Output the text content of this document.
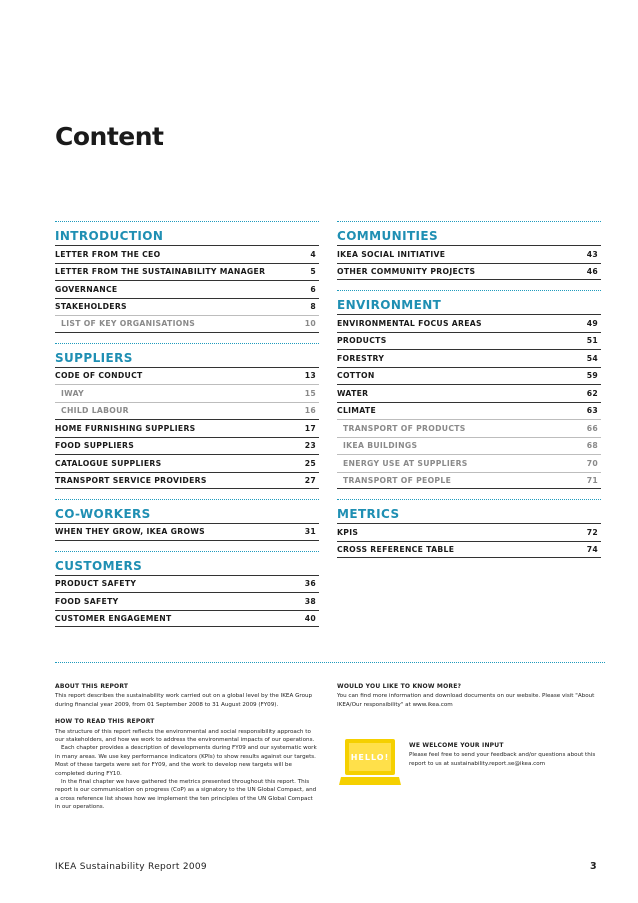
Content
INTRODUCTION
LETTER FROM THE CEO	4
LETTER FROM THE SUSTAINABILITY MANAGER	5
GOVERNANCE	6
STAKEHOLDERS	8
LIST OF KEY ORGANISATIONS	10
SUPPLIERS
CODE OF CONDUCT	13
IWAY	15
CHILD LABOUR	16
HOME FURNISHING SUPPLIERS	17
FOOD SUPPLIERS	23
CATALOGUE SUPPLIERS	25
TRANSPORT SERVICE PROVIDERS	27
CO-WORKERS
WHEN THEY GROW, IKEA GROWS	31
CUSTOMERS
PRODUCT SAFETY	36
FOOD SAFETY	38
CUSTOMER ENGAGEMENT	40
COMMUNITIES
IKEA SOCIAL INITIATIVE	43
OTHER COMMUNITY PROJECTS	46
ENVIRONMENT
ENVIRONMENTAL FOCUS AREAS	49
PRODUCTS	51
FORESTRY	54
COTTON	59
WATER	62
CLIMATE	63
TRANSPORT OF PRODUCTS	66
IKEA BUILDINGS	68
ENERGY USE AT SUPPLIERS	70
TRANSPORT OF PEOPLE	71
METRICS
KPIS	72
CROSS REFERENCE TABLE	74
ABOUT THIS REPORT

This report describes the sustainability work carried out on a global level by the IKEA Group during financial year 2009, from 01 September 2008 to 31 August 2009 (FY09).

HOW TO READ THIS REPORT
The structure of this report reflects the environmental and social responsibility approach to our stakeholders, and how we work to address the environmental impacts of our operations.
Each chapter provides a description of developments during FY09 and our systematic work in many areas. We use key performance indicators (KPIs) to show results against our targets. Most of these targets were set for FY09, and the work to develop new targets will be completed during FY10.
In the final chapter we have gathered the metrics presented throughout this report. This report is our communication on progress (CoP) as a signatory to the UN Global Compact, and a cross reference list shows how we implement the ten principles of the UN Global Compact in our operations.
WOULD YOU LIKE TO KNOW MORE?

You can find more information and download documents on our website. Please visit "About IKEA/Our responsibility" at www.ikea.com

HELLO!
WE WELCOME YOUR INPUT
Please feel free to send your feedback and/or questions about this report to us at sustainability.report.se@ikea.com
IKEA Sustainability Report 2009	3
